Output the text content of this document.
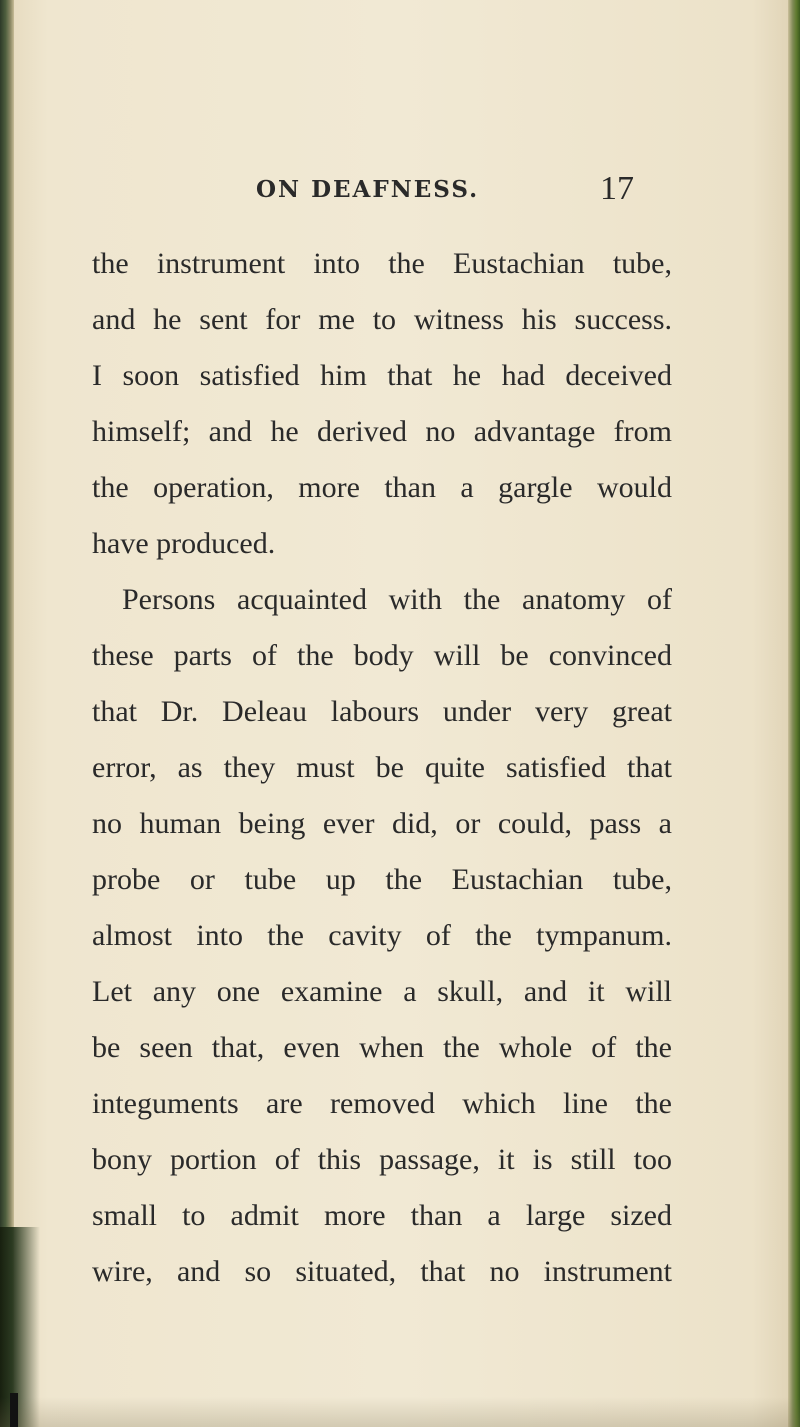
ON DEAFNESS.	17
the instrument into the Eustachian tube,
and he sent for me to witness his success.
I soon satisfied him that he had deceived
himself; and he derived no advantage from
the operation, more than a gargle would
have produced.
Persons acquainted with the anatomy of
these parts of the body will be convinced
that Dr. Deleau labours under very great
error, as they must be quite satisfied that
no human being ever did, or could, pass a
probe or tube up the Eustachian tube,
almost into the cavity of the tympanum.
Let any one examine a skull, and it will
be seen that, even when the whole of the
integuments are removed which line the
bony portion of this passage, it is still too
small to admit more than a large sized
wire, and so situated, that no instrument
